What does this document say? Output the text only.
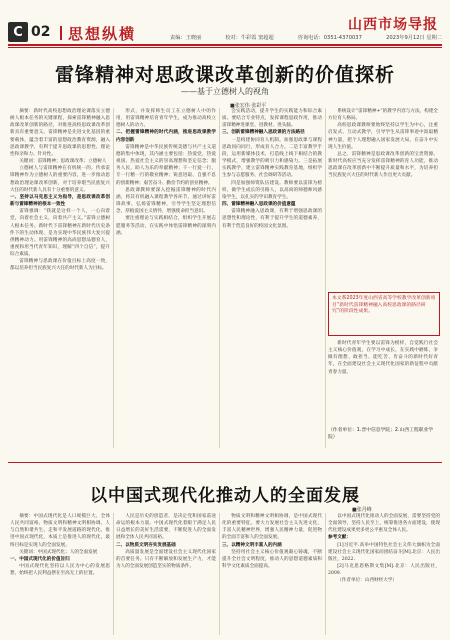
C 02 思想纵横	山西市场导报
责编：王晓丽	校对：牛彩霞 窦超超	咨询电话：0351-4370037	2023年9月12日 星期二
雷锋精神对思政课改革创新的价值探析
——基于立德树人的视角
■张宏伟 张彩平

摘要：新时代高校思想政治理论课落实立德树人根本任务的关键课程，探索雷锋精神融入思政课改革创新的路径，对推进高校思政课改革创新具有重要意义。雷锋精神是先进文化基因的重要载体，蕴含着丰富的思想政治教育资源，融入思政课教学，有利于提升思政课的思想性、理论性和亲和力、针对性。

关键词：雷锋精神；思政课改革；立德树人

立德树人与雷锋精神在有机统一的。传承雷锋精神作为立德树人的重要内容，进一步推动思想政治理论课改革创新，对于培养堪当民族复兴大任的时代新人具有十分重要的意义。

一、坚持以马克思主义为指导，是思政课改革创新与雷锋精神的根本一致性

雷锋强调：“我就是这样一个人，一心向着党，向着社会主义，向着共产主义。”雷锋立德树人根本任务。新时代下雷锋精神在新时代历史条件下的生动体现，是为实现中华民族伟大复兴提供精神动力。用雷锋精神的高尚思想品德育人，重视和用当代青年知识，理解“四个自信”，提升综合素质。

雷锋精神与思政课在价值目标上高度一致，都以培养担当民族复兴大任的时代新人为目标。

形式，并发挥师生员工在立德树人中的作用，用雷锋精神培育青年学生，成为推动高校立德树人的动力。

二、把握雷锋精神的时代内涵，推进思政课教学内容创新

雷锋精神是中华民族传统美德与共产主义道德的集中体现，其内涵主要包括：热爱党、热爱祖国、热爱社会主义的崇高理想和坚定信念；服务人民、助人为乐的奉献精神；干一行爱一行、专一行精一行的敬业精神；锐意进取、自强不息的创新精神；艰苦奋斗、勤俭节约的创业精神。

思政课教师要深入挖掘雷锋精神的时代内涵，将其有机融入课程教学各环节，通过讲好雷锋故事、弘扬雷锋精神，引导学生坚定理想信念，厚植爱国主义情怀，增强使命担当意识。

要注重理论与实践相结合，组织学生开展志愿服务等活动，在实践中体悟雷锋精神的深刻内涵。

会实践活动，提升学生的实践能力和综合素质。要结合专业特点，发挥课程思政作用，推动雷锋精神进课堂、进教材、进头脑。

三、创新雷锋精神融入思政课的方法路径

一是构建协同育人机制。加强思政课与课程思政同向同行，形成育人合力。二是丰富教学手段，运用新媒体技术，打造线上线下相结合的教学模式，增强教学的吸引力和感染力。三是拓展实践教学，建立雷锋精神实践教育基地，组织学生参与志愿服务、社会调研等活动。

四是加强师资队伍建设。教师要以雷锋为榜样，做学生成长的引路人，以高尚的师德师风感染学生，以扎实的学识教育学生。

四、雷锋精神融入思政课的价值意蕴

雷锋精神融入思政课，有利于增强思政课的思想性和理论性，有利于提升学生的道德素养，有利于营造良好的校园文化氛围。

系统设计“雷锋精神+”的教学内容与方法，构建全方位育人格局。

高校思政课教师要始终坚持以学生为中心，注重启发式、互动式教学，引导学生从雷锋事迹中汲取精神力量，把个人理想融入国家发展大局，在奋斗中实现人生价值。

总之，雷锋精神是思政课改革创新的宝贵资源。新时代高校应当充分发挥雷锋精神的育人功能，推动思政课在改革创新中不断提升质量和水平，为培养担当民族复兴大任的时代新人作出更大贡献。

本文系2023年度山西省高等学校教学改革创新项目“新时代雷锋精神融入高校思政课的路径研究”的阶段性成果。

新时代青年学生要以雷锋为榜样，自觉践行社会主义核心价值观，在学习中成长，在实践中磨炼，争做有理想、敢担当、能吃苦、肯奋斗的新时代好青年，在全面建设社会主义现代化国家的新征程中贡献青春力量。

（作者单位：1.晋中信息学院；2.山西工程职业学院）
以中国式现代化推动人的全面发展
■张丹峰

摘要：中国式现代化是人口规模巨大、全体人民共同富裕、物质文明和精神文明相协调、人与自然和谐共生、走和平发展道路的现代化。推进中国式现代化，本质上是推进人的现代化，最终目标是实现人的全面发展。

关键词：中国式现代化；人的全面发展

一、中国式现代化的价值旨归

中国式现代化坚持以人民为中心的发展思想，始终把人民利益摆在至高无上的位置。

人民是历史的创造者，是决定党和国家前途命运的根本力量。中国式现代化着眼于满足人民日益增长的美好生活需要，不断促进人的全面发展和全体人民共同富裕。

二、以物质文明夯实发展基础

高质量发展是全面建设社会主义现代化国家的首要任务。只有不断解放和发展生产力，才能为人的全面发展创造坚实的物质条件。

物质文明和精神文明相协调，是中国式现代化的重要特征。要大力发展社会主义先进文化，丰富人民精神世界，增强人民精神力量，促进物的全面丰富和人的全面发展。

三、以精神文明丰富人的内涵

坚持用社会主义核心价值观凝心铸魂，不断提升全社会文明程度，推动人的思想道德素质和科学文化素质全面提高。

以中国式现代化推动人的全面发展，需要坚持党的全面领导，坚持人民至上，统筹推进各方面建设，使现代化建设成果更多更公平惠及全体人民。

参考文献：

[1]习近平.高举中国特色社会主义伟大旗帜为全面建设社会主义现代化国家而团结奋斗[M].北京：人民出版社，2022.

[2]马克思恩格斯文集[M].北京：人民出版社，2009.

（作者单位：山西财经大学）
